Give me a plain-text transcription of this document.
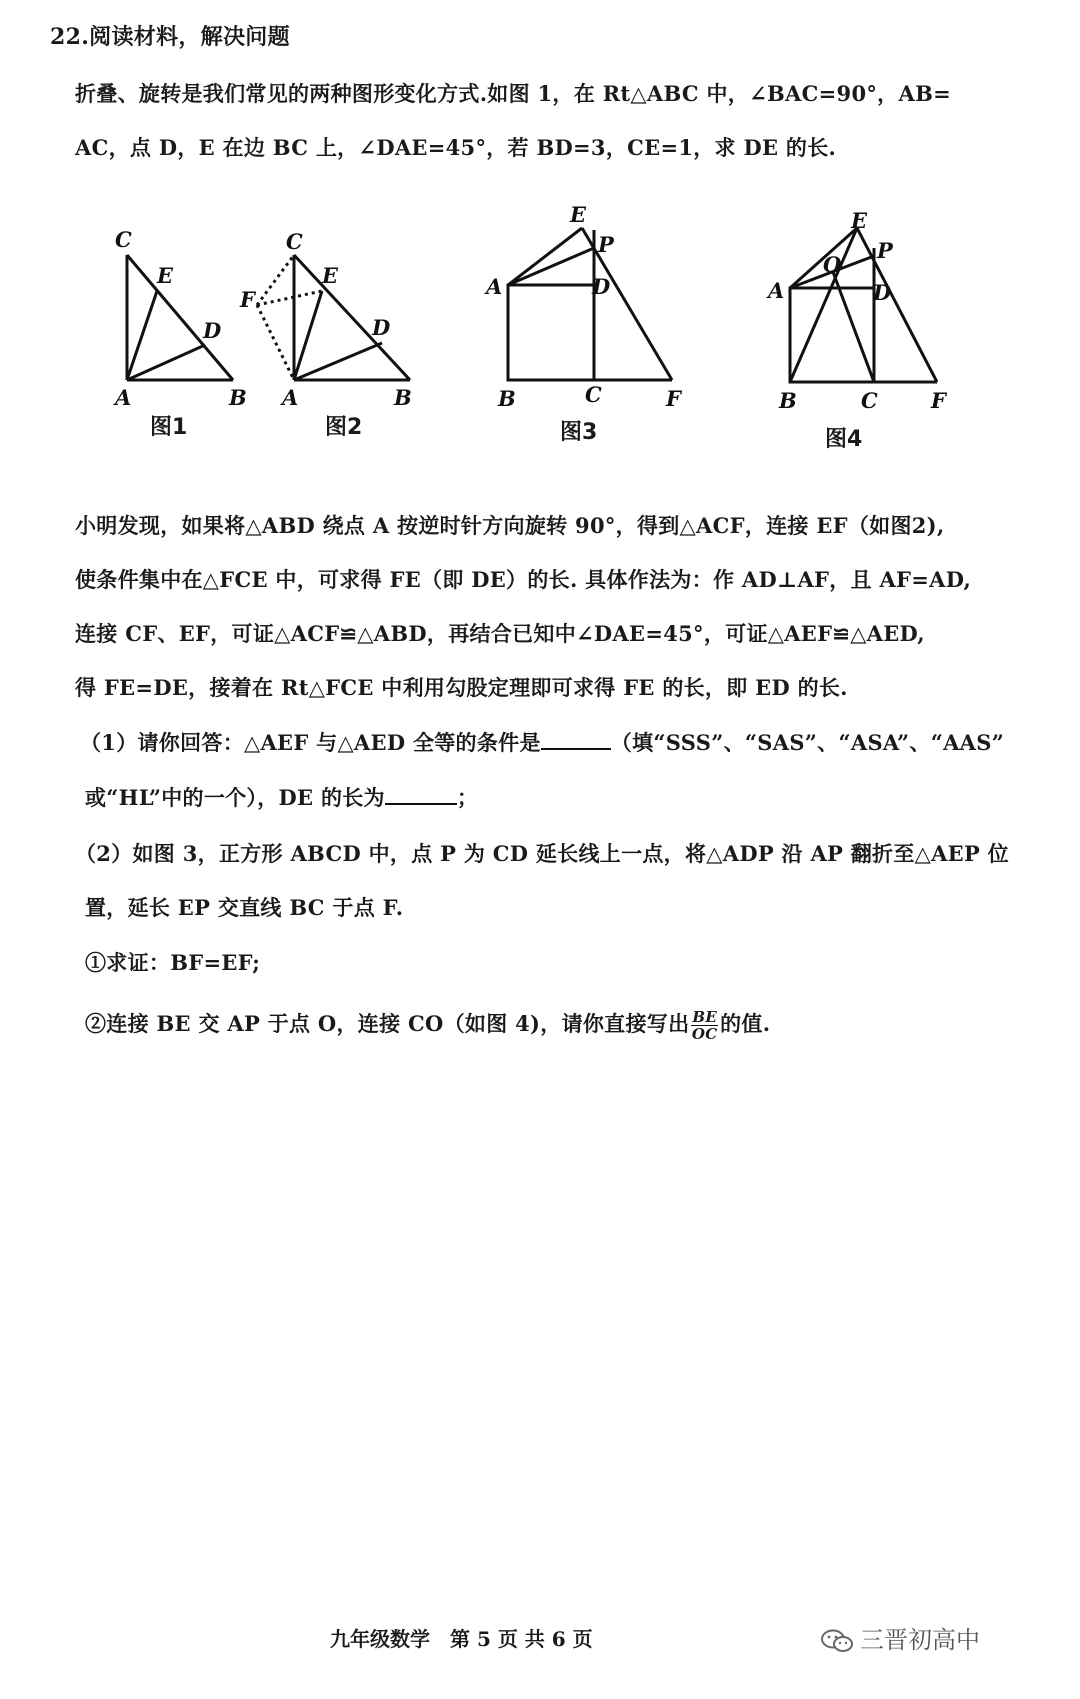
22.阅读材料，解决问题
折叠、旋转是我们常见的两种图形变化方式.如图 1，在 Rt△ABC 中，∠BAC=90°，AB=
AC，点 D，E 在边 BC 上，∠DAE=45°，若 BD=3，CE=1，求 DE 的长.
C
E
D
A	B
图1
C
E
F
D
A	B
图2
E
P
A	D
B	C	F
图3
E
O
P
A	D
B	C	F
图4
小明发现，如果将△ABD 绕点 A 按逆时针方向旋转 90°，得到△ACF，连接 EF（如图2),
使条件集中在△FCE 中，可求得 FE（即 DE）的长. 具体作法为：作 AD⊥AF，且 AF=AD,
连接 CF、EF，可证△ACF≌△ABD，再结合已知中∠DAE=45°，可证△AEF≌△AED,
得 FE=DE，接着在 Rt△FCE 中利用勾股定理即可求得 FE 的长，即 ED 的长.
（1）请你回答：△AEF 与△AED 全等的条件是	（填“SSS”、“SAS”、“ASA”、“AAS”
或“HL”中的一个），DE 的长为	；
（2）如图 3，正方形 ABCD 中，点 P 为 CD 延长线上一点，将△ADP 沿 AP 翻折至△AEP 位
置，延长 EP 交直线 BC 于点 F.
①求证：BF=EF;
②连接 BE 交 AP 于点 O，连接 CO（如图 4)，请你直接写出 $\frac{BE}{OC}$ 的值.
九年级数学　第 5 页 共 6 页	三晋初高中
